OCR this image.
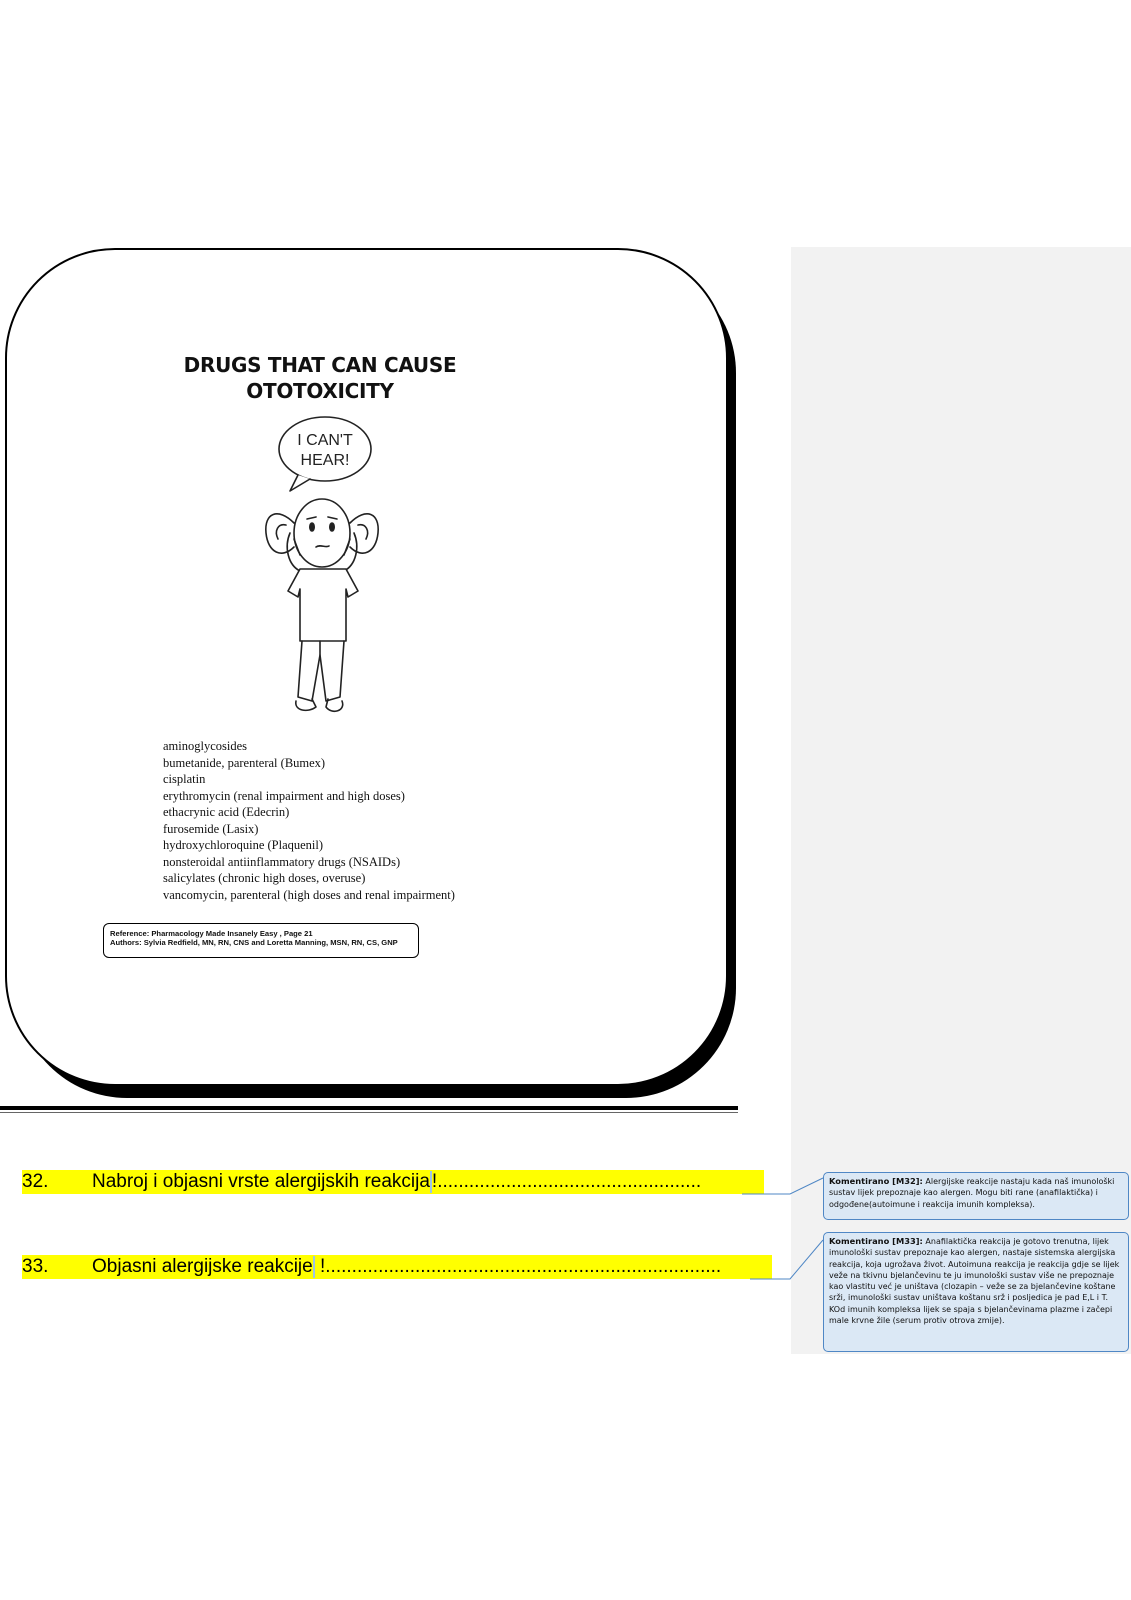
DRUGS THAT CAN CAUSE OTOTOXICITY
I CAN'T
HEAR!
aminoglycosides
bumetanide, parenteral (Bumex)
cisplatin
erythromycin (renal impairment and high doses)
ethacrynic acid (Edecrin)
furosemide (Lasix)
hydroxychloroquine (Plaquenil)
nonsteroidal antiinflammatory drugs (NSAIDs)
salicylates (chronic high doses, overuse)
vancomycin, parenteral (high doses and renal impairment)
Reference: Pharmacology Made Insanely Easy , Page 21
Authors: Sylvia Redfield, MN, RN, CNS and Loretta Manning, MSN, RN, CS, GNP
32. Nabroj i objasni vrste alergijskih reakcija !..................................................
33. Objasni alergijske reakcije !...........................................................................
Komentirano [M32]: Alergijske reakcije nastaju kada naš imunološki sustav lijek prepoznaje kao alergen. Mogu biti rane (anafilaktička) i odgođene(autoimune i reakcija imunih kompleksa).
Komentirano [M33]: Anafilaktička reakcija je gotovo trenutna, lijek imunološki sustav prepoznaje kao alergen, nastaje sistemska alergijska reakcija, koja ugrožava život. Autoimuna reakcija je reakcija gdje se lijek veže na tkivnu bjelančevinu te ju imunološki sustav više ne prepoznaje kao vlastitu već je uništava (clozapin – veže se za bjelančevine koštane srži, imunološki sustav uništava koštanu srž i posljedica je pad E,L i T. KOd imunih kompleksa lijek se spaja s bjelančevinama plazme i začepi male krvne žile (serum protiv otrova zmije).
